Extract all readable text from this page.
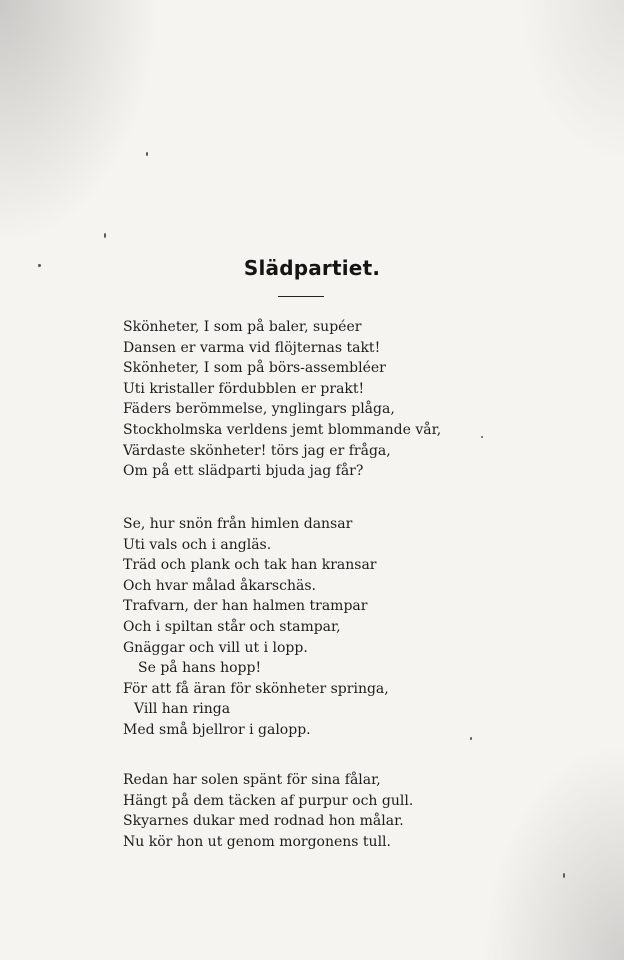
Slädpartiet.
Skönheter, I som på baler, supéer
Dansen er varma vid flöjternas takt!
Skönheter, I som på börs-assembléer
Uti kristaller fördubblen er prakt!
Fäders berömmelse, ynglingars plåga,
Stockholmska verldens jemt blommande vår,
Värdaste skönheter! törs jag er fråga,
Om på ett slädparti bjuda jag får?
Se, hur snön från himlen dansar
Uti vals och i angläs.
Träd och plank och tak han kransar
Och hvar målad åkarschäs.
Trafvarn, der han halmen trampar
Och i spiltan står och stampar,
Gnäggar och vill ut i lopp.
Se på hans hopp!
För att få äran för skönheter springa,
Vill han ringa
Med små bjellror i galopp.
Redan har solen spänt för sina fålar,
Hängt på dem täcken af purpur och gull.
Skyarnes dukar med rodnad hon målar.
Nu kör hon ut genom morgonens tull.
